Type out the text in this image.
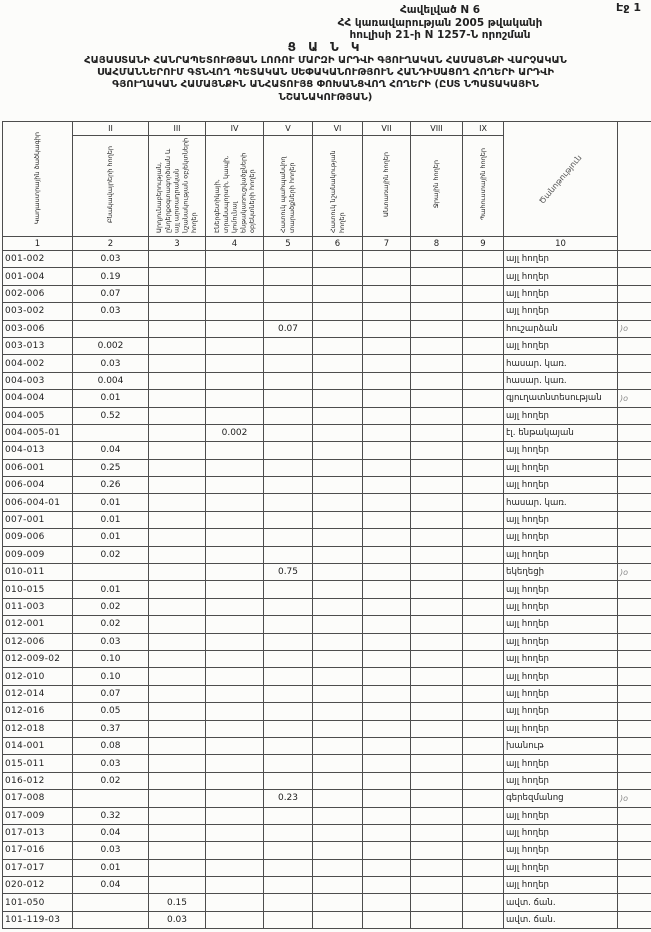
Էջ 1
Հավելված N 6
ՀՀ կառավարության 2005 թվականի
հուլիսի 21-ի N 1257-Ն որոշման
Ց Ա Ն Կ
ՀԱՅԱՍՏԱՆԻ ՀԱՆՐԱՊԵՏՈՒԹՅԱՆ ԼՈՌՈՒ ՄԱՐԶԻ ԱՐԴՎԻ ԳՅՈՒՂԱԿԱՆ ՀԱՄԱՅՆՔԻ ՎԱՐՉԱԿԱՆ
ՍԱՀՄԱՆՆԵՐՈՒՄ ԳՏՆՎՈՂ ՊԵՏԱԿԱՆ ՍԵՓԱԿԱՆՈՒԹՅՈՒՆ ՀԱՆԴԻՍԱՑՈՂ ՀՈՂԵՐԻ ԱՐԴՎԻ
ԳՅՈՒՂԱԿԱՆ ՀԱՄԱՅՆՔԻՆ ԱՆՀԱՏՈՒՅՑ ՓՈԽԱՆՑՎՈՂ ՀՈՂԵՐԻ (ԸՍՏ ՆՊԱՏԱԿԱՅԻՆ
ՆՇԱՆԱԿՈՒԹՅԱՆ)
Կադաստրային ծածկագիր	II	III	IV	V	VI	VII	VIII	IX	Ծանոթություն	
	Բնակավայրերի հողեր	Արդյունաբերության, ընդերքօգտագործման և այլ արտադրական նշանակության օբյեկտների հողեր	Էներգետիկայի, տրանսպորտի, կապի, կոմունալ ենթակառուցվածքների օբյեկտների հողեր	Հատուկ պահպանվող տարածքների հողեր	Հատուկ նշանակության հողեր	Անտառային հողեր	Ջրային հողեր	Պահուստային հողեր		
1	2	3	4	5	6	7	8	9	10	
001-002	0.03								այլ հողեր	
001-004	0.19								այլ հողեր	
002-006	0.07								այլ հողեր	
003-002	0.03								այլ հողեր	
003-006				0.07					հուշարձան	)o
003-013	0.002								այլ հողեր	
004-002	0.03								հասար. կառ.	
004-003	0.004								հասար. կառ.	
004-004	0.01								գյուղատնտեսության	)o
004-005	0.52								այլ հողեր	
004-005-01			0.002						էլ. ենթակայան	
004-013	0.04								այլ հողեր	
006-001	0.25								այլ հողեր	
006-004	0.26								այլ հողեր	
006-004-01	0.01								հասար. կառ.	
007-001	0.01								այլ հողեր	
009-006	0.01								այլ հողեր	
009-009	0.02								այլ հողեր	
010-011				0.75					եկեղեցի	)o
010-015	0.01								այլ հողեր	
011-003	0.02								այլ հողեր	
012-001	0.02								այլ հողեր	
012-006	0.03								այլ հողեր	
012-009-02	0.10								այլ հողեր	
012-010	0.10								այլ հողեր	
012-014	0.07								այլ հողեր	
012-016	0.05								այլ հողեր	
012-018	0.37								այլ հողեր	
014-001	0.08								խանութ	
015-011	0.03								այլ հողեր	
016-012	0.02								այլ հողեր	
017-008				0.23					գերեզմանոց	)o
017-009	0.32								այլ հողեր	
017-013	0.04								այլ հողեր	
017-016	0.03								այլ հողեր	
017-017	0.01								այլ հողեր	
020-012	0.04								այլ հողեր	
101-050		0.15							ավտ. ճան.	
101-119-03		0.03							ավտ. ճան.	
